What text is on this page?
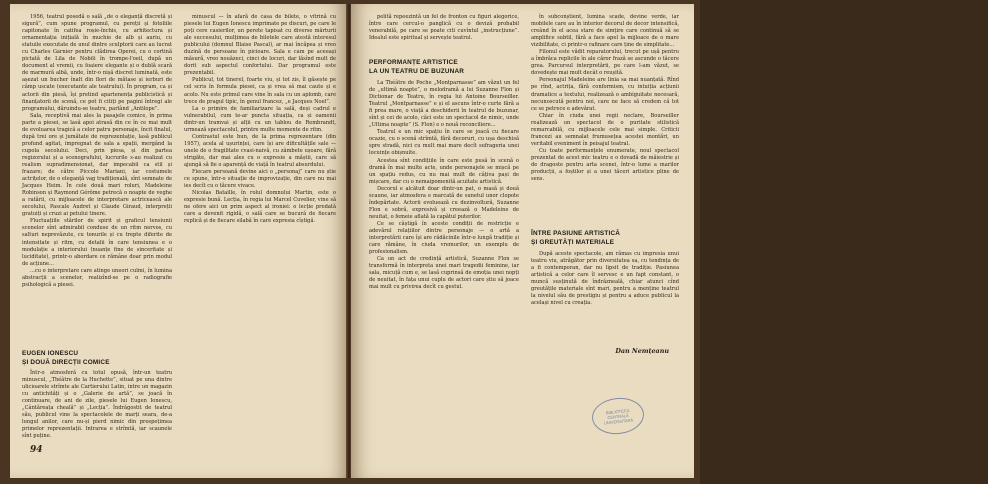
1956, teatrul posedă o sală „de o eleganță discretă și sigură”, cum spune programul, cu pereții și fotoliile capitonate în catifea roșie-închis, cu arhitectura și ornamentația inițială în muchie de alb și auriu, cu statuile executate de unul dintre sculptorii care au lucrat cu Charles Garnier pentru clădirea Operei, cu o cortină pictată de Lila de Nobili în trompe-l'oeil, după un document al vremii, cu foaiere elegante și o dublă scară de marmură albă, unde, într-o nișă discret luminată, este așezat un bucher înalt din flori de mătase și ierburi de câmp uscate (executante ale teatrului). În program, ca și actorii din piesă, își pretind apartenența publicistică și finanțatorii de scenă, ce pot fi citiți pe pagini întregi ale programului, dăruindu-se teatru, parlând „Antilope”.

Sala, receptivă mai ales la pasajele comice, în prima parte a piesei, se lasă apoi atrasă din ce în ce mai mult de evoluarea tragică a celor patru personaje, încit finalul, după trei ore și jumătate de reprezentație, lasă publicul profund agitat, impregnat de sala a spații, mergând la cupola secolului. Deci, prin piesa, și din partea regizorului și a scenografului, lucrurile s-au realizat cu realism supradimensionat, dar impecabil ca stil și frazare; de către Piccolo Mariani, iar costumele actrițelor, de o eleganță vag tradițională, sînt semnate de Jacques Heim. În cele două mari roluri, Madeleine Robinson și Raymond Gérôme petrecă o noapte de veghe a ratării, cu mijloacele de interpretare actricească ale secolului, Pascale Audret și Claude Giraud, interpreții gratuiți și cruzi ai petului tinere.

Fluctuațiile stărilor de spirit și graficul tensiunii scenelor sînt admirabil conduse de un ritm nervos, cu salturi neprevăzute, cu tonurile și cu trepte diferite de intensitate și ritm, cu detalii în care tensiunea e o modulație a interiorului (nuanțe fine de sinceritate și luciditate), printr-o abordare ce rămâne doar prin modul de acțiune...

...cu o interpretare care atinge uneori culmi, în lumina abstracții a scenelor, realizînd-se pe o radiografie psihologică a piesei.

EUGEN IONESCU
ȘI DOUĂ DIRECȚII COMICE

Într-o atmosferă cu totul opusă, într-un teatru minuscul, „Théâtre de la Huchette”, situat pe una dintre ulicioarele strîmte ale Cartierului Latin, intre un magazin cu antichități și o „Galerie de artă”, se joacă în continuare, de ani de zile, piesele lui Eugen Ionescu, „Cântăreața cheală” și „Lecția”. Îndrăgostit de teatrul său, publicul vine la spectacolele de marți seara, de-a lungul anilor, care nu-și pierd nimic din prospețimea primelor reprezentații. Intrarea e strîmtă, iar scaunele sînt puține.

minuscul — în afară de casa de bilete, o vitrină cu piesele lui Eugen Ionescu imprimate pe discuri, pe care le poți cere casierilor, un perete tapisat cu diverse mărturii ale succesului, mulțimea de biletele care atestă interesul publicului (domnul Blaise Pascal), ar mai încăpea și vreo duzină de persoane în picioare. Sala e cam pe aceeași măsură, vreo nouăzeci, cinci de locuri, dar lăsînd mult de dorit sub aspectul confortului. Dar programul este prezentabil.

Publicul, tot tinerel, foarte viu, și tot zis, îl găsește pe cel scris în formula piesei, ca și vrea să mai caute și e acolo. Nu este primul care vine în sala cu un aplomb, care trece de pragul tipic, în genul francez, „e Jacques Noel”.

La o primire de familiarizare la sală, deși cadrul e vulnerabilul, cum te-ar puncta situația, ca și oamenii dintr-un tramvai și alții cu un tablou de Rembrandt, urmează spectacolul, printre multe momente de ritm.

Contrastul este bun, de la prima reprezentare (din 1957), acela al ușurinței, care își are dificultățile sale — unele de o fragilitate cvasi-naivă, cu zâmbete ușoare, fără strigăte, dar mai ales cu o expresie a măștii, care să ajungă să fie o aparență de viață în teatrul absurdului.

Fiecare persoană devine aici o „personaj” care nu știe ce spune, într-o situație de improvizație, din care nu mai ies decît cu o tăcere vivace.

Nicolas Bataille, în rolul domnului Martin, este o expresie bună. Lecția, în regia lui Marcel Cuvelier, vine să ne ofere aici un prim aspect al ironiei: o lecție predată care a devenit rigidă, o sală care se bucură de fiecare replică și de fiecare silabă în care expresia cîștigă.

94
·

pelită repeezintă un fel de fronton cu figuri alegorice, între care cercul-o panglică cu o deviză probabil venerabilă, pe care se poate citi cuvîntul „instrucțiune”. Idealul este spiritual și servește teatrul.

PERFORMANȚE ARTISTICE
LA UN TEATRU DE BUZUNAR

La Théâtre de Poche „Montparnasse” am văzut un fel de „ultimă noapte”, o melodramă a lui Suzanne Flon și Dictionar de Teatru, în regia lui Antoine Bourseiller. Teatrul „Montparnasse” e și el ascuns într-o curte fără a fi prea mare, o viață a deschiderii în teatrul de buzunar, sînt și cei de acolo, căci este un spectacol de nimic, unde „Ultima noapte” (S. Flon) e o nouă reconciliere...

Teatrul e un mic spațiu în care se joacă cu fiecare ocazie, cu o scenă strîmtă, fără decoruri, cu ușa deschisă spre stradă, nici cu mult mai mare decît sufrageria unei locuințe obișnuite.

Acestea sînt condițiile în care este pusă în scenă o dramă în mai multe acte, unde personajele se mișcă pe un spațiu redus, cu nu mai mult de câțiva pași de mișcare, dar cu o nemaipomenită acuitate artistică.

Decorul e alcătuit doar dintr-un pat, o masă și două scaune, iar atmosfera e marcată de sunetul unor clopote îndepărtate. Actorii evoluează cu dezinvoltură, Suzanne Flon e sobră, expresivă și creează o Madeleine de neuitat, o femeie aflată la capătul puterilor.

Ce se câștigă în aceste condiții de restricție e adevărul relațiilor dintre personaje — o artă a interpretării care își are rădăcinile într-o lungă tradiție și care rămâne, în ciuda vremurilor, un exemplu de profesionalism.

Ca un act de credință artistică, Suzanne Flon se transformă în interpreta unei mari tragedii feminine, iar sala, micuță cum e, se lasă cuprinsă de emoția unei nopți de neuitat, în fața unui cuplu de actori care știu să joace mai mult cu privirea decît cu gestul.

în subconștient, lumina scade, devine verde, iar mobilele care au în interior decorul de decor intensifică, creând în el acea stare de simțire care continuă să se amplifice subtil, fără a face apel la mijloace de o mare vizibilitate, ci printr-o rafinare care ține de simplitate...

Filonul este vădit reparatorului, trecut pe ușă pentru a îmbrăca replicile în ale căror frază se ascunde o tăcere grea. Parcursul interpretării, pe care l-am văzut, se dovedește mai mult decât o reușită.

Personajul Madeleine are linia sa mai nuanțată. Rînd pe rînd, actrița, fără conformism, cu intuiția acțiunii dramatice a textului, realizează o ambiguitate necesară, necunoscută pentru noi, care ne face să credem că tot ce se petrece e adevărat.

Chiar în ciuda unei regii neclare, Bourseiller realizează un spectacol de o puritate stilistică remarcabilă, cu mijloacele cele mai simple. Criticii francezi au semnalat frumusețea acestei montări, un veritabil eveniment în peisajul teatral.

Cu toate performanțele enumerate, noul spectacol prezentat de acest mic teatru e o dovadă de măiestrie și de dragoste pentru arta scenei, într-o lume a marilor producții, a foștilor și a unei tăceri artistice pline de sens.

ÎNTRE PASIUNE ARTISTICĂ
ȘI GREUTĂȚI MATERIALE

După aceste spectacole, am rămas cu impresia unui teatru viu, atrăgător prin diversitatea sa, cu tendința de a fi contemporan, dar nu lipsit de tradiție. Pasiunea artistică a celor care îl servesc e un fapt constant, o muncă susținută de îndrăzneală, chiar atunci cînd greutățile materiale sînt mari, pentru a menține teatrul la nivelul său de prestigiu și pentru a aduce publicul la același nivel cu creația.

Dan Nemțeanu
BIBLIOTECA
CENTRALĂ
UNIVERSITARĂ
